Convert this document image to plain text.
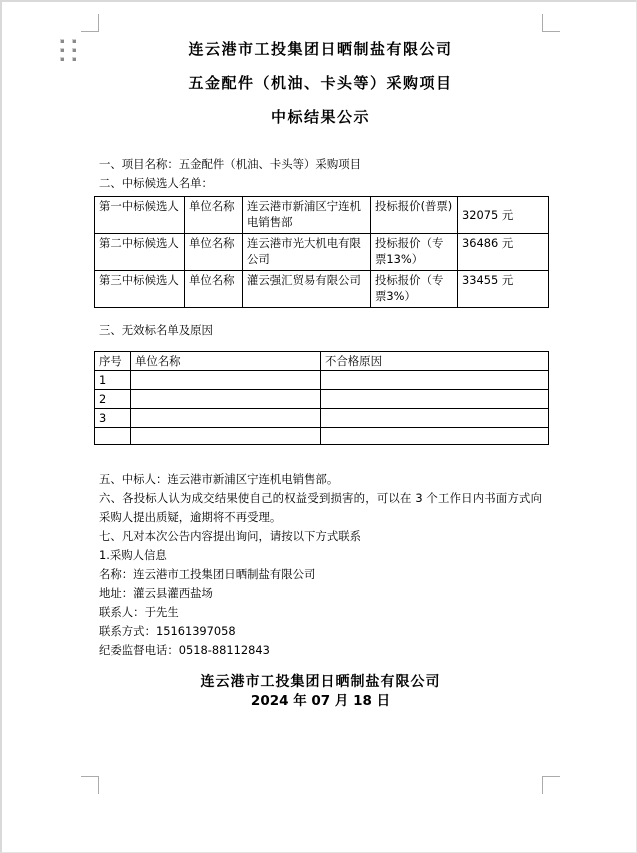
连云港市工投集团日晒制盐有限公司
五金配件（机油、卡头等）采购项目
中标结果公示

一、项目名称：五金配件（机油、卡头等）采购项目

二、中标候选人名单：

第一中标候选人	单位名称	连云港市新浦区宁连机电销售部	投标报价(普票)	32075 元
第二中标候选人	单位名称	连云港市光大机电有限公司	投标报价（专票13%）	36486 元
第三中标候选人	单位名称	灌云强汇贸易有限公司	投标报价（专票3%）	33455 元

三、无效标名单及原因

序号	单位名称	不合格原因
1		
2		
3		

五、中标人：连云港市新浦区宁连机电销售部。

六、各投标人认为成交结果使自己的权益受到损害的，可以在 3 个工作日内书面方式向采购人提出质疑，逾期将不再受理。

七、凡对本次公告内容提出询问，请按以下方式联系

1.采购人信息

名称：连云港市工投集团日晒制盐有限公司

地址：灌云县灌西盐场

联系人：于先生

联系方式：15161397058

纪委监督电话：0518-88112843

连云港市工投集团日晒制盐有限公司
2024 年 07 月 18 日
